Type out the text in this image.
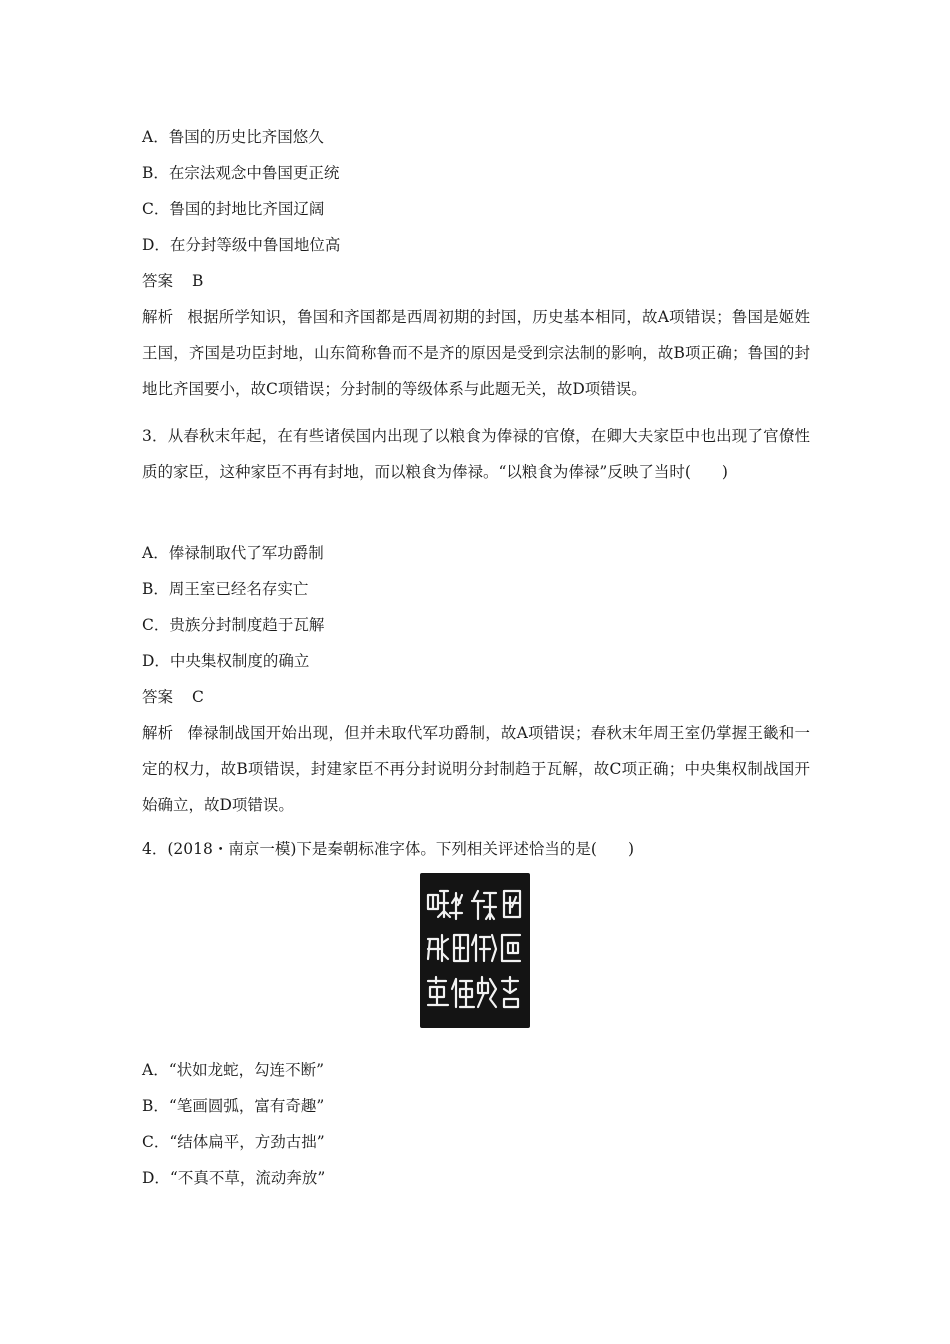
A．鲁国的历史比齐国悠久
B．在宗法观念中鲁国更正统
C．鲁国的封地比齐国辽阔
D．在分封等级中鲁国地位高
答案 B
解析 根据所学知识，鲁国和齐国都是西周初期的封国，历史基本相同，故A项错误；鲁国是姬姓王国，齐国是功臣封地，山东简称鲁而不是齐的原因是受到宗法制的影响，故B项正确；鲁国的封地比齐国要小，故C项错误；分封制的等级体系与此题无关，故D项错误。
3．从春秋末年起，在有些诸侯国内出现了以粮食为俸禄的官僚，在卿大夫家臣中也出现了官僚性质的家臣，这种家臣不再有封地，而以粮食为俸禄。“以粮食为俸禄”反映了当时(　　)
A．俸禄制取代了军功爵制
B．周王室已经名存实亡
C．贵族分封制度趋于瓦解
D．中央集权制度的确立
答案 C
解析 俸禄制战国开始出现，但并未取代军功爵制，故A项错误；春秋末年周王室仍掌握王畿和一定的权力，故B项错误，封建家臣不再分封说明分封制趋于瓦解，故C项正确；中央集权制战国开始确立，故D项错误。
4．(2018・南京一模)下是秦朝标准字体。下列相关评述恰当的是(　　)
A．“状如龙蛇，勾连不断”
B．“笔画圆弧，富有奇趣”
C．“结体扁平，方劲古拙”
D．“不真不草，流动奔放”
